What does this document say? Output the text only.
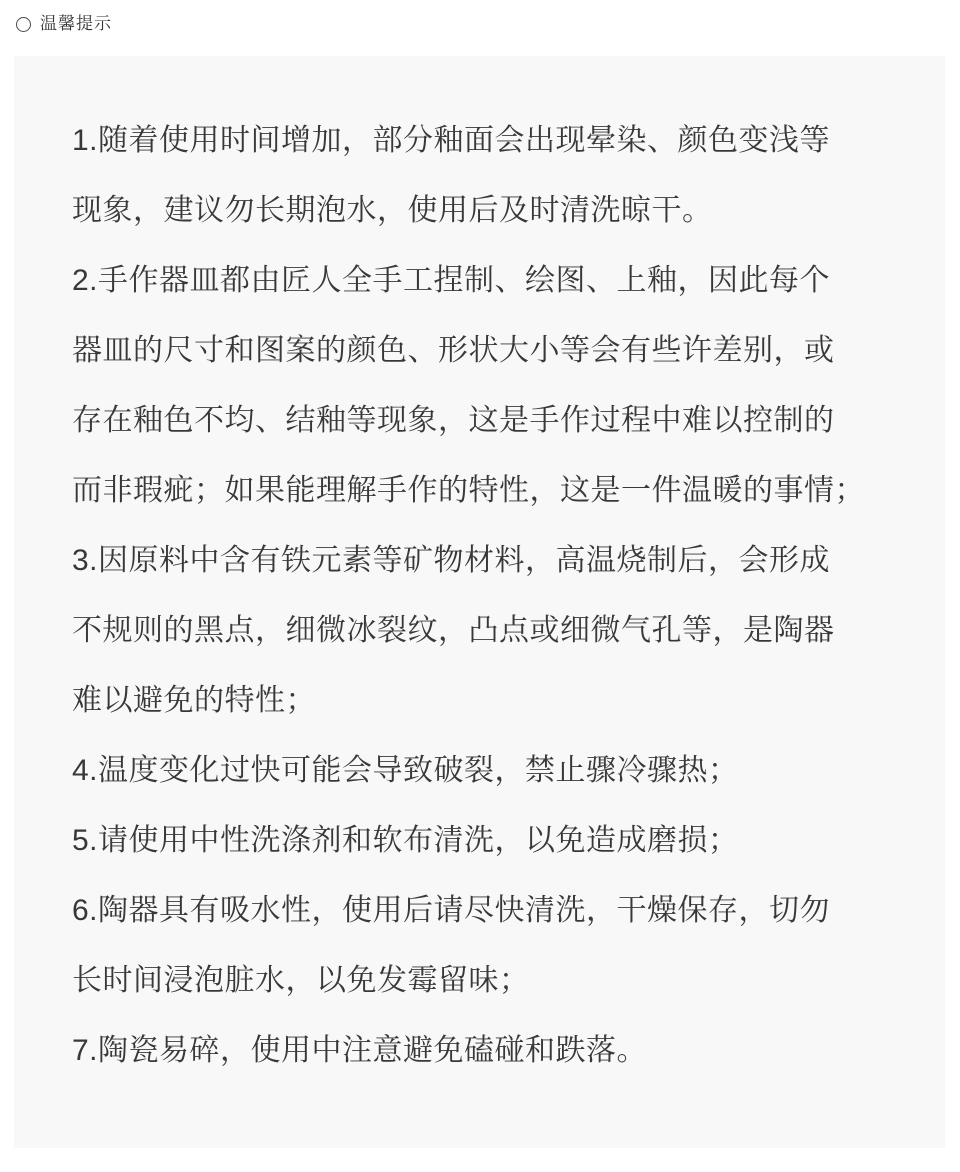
温馨提示
1.随着使用时间增加，部分釉面会出现晕染、颜色变浅等
现象，建议勿长期泡水，使用后及时清洗晾干。
2.手作器皿都由匠人全手工捏制、绘图、上釉，因此每个
器皿的尺寸和图案的颜色、形状大小等会有些许差别，或
存在釉色不均、结釉等现象，这是手作过程中难以控制的
而非瑕疵；如果能理解手作的特性，这是一件温暖的事情；
3.因原料中含有铁元素等矿物材料，高温烧制后，会形成
不规则的黑点，细微冰裂纹，凸点或细微气孔等，是陶器
难以避免的特性；
4.温度变化过快可能会导致破裂，禁止骤冷骤热；
5.请使用中性洗涤剂和软布清洗，以免造成磨损；
6.陶器具有吸水性，使用后请尽快清洗，干燥保存，切勿
长时间浸泡脏水，以免发霉留味；
7.陶瓷易碎，使用中注意避免磕碰和跌落。
